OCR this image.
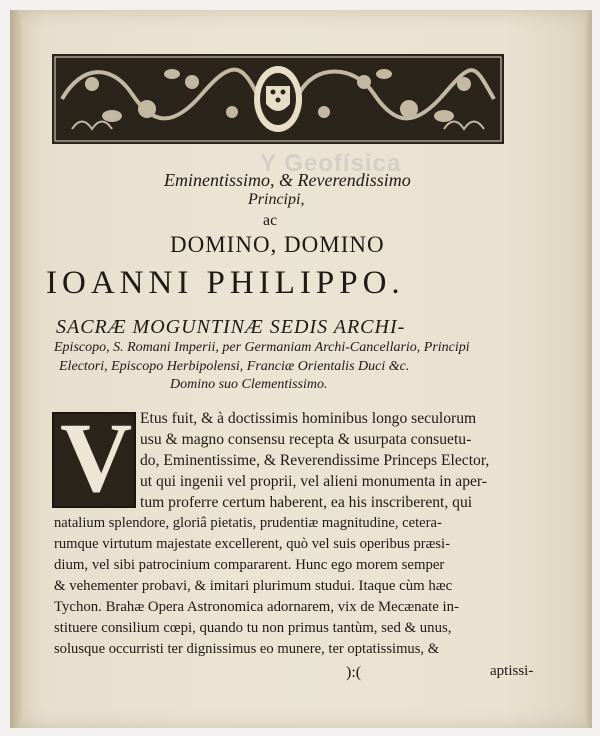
Y Geofísica
Eminentissimo, & Reverendissimo
Principi,
ac
DOMINO, DOMINO
IOANNI PHILIPPO.
SACRÆ MOGUNTINÆ SEDIS ARCHI-
Episcopo, S. Romani Imperii, per Germaniam Archi-Cancellario, Principi
Electori, Episcopo Herbipolensi, Franciæ Orientalis Duci &c.
Domino suo Clementissimo.
V Etus fuit, & à doctissimis hominibus longo seculorum
usu & magno consensu recepta & usurpata consuetu-
do, Eminentissime, & Reverendissime Princeps Elector,
ut qui ingenii vel proprii, vel alieni monumenta in aper-
tum proferre certum haberent, ea his inscriberent, qui
natalium splendore, gloriâ pietatis, prudentiæ magnitudine, cetera-
rumque virtutum majestate excellerent, quò vel suis operibus præsi-
dium, vel sibi patrocinium compararent. Hunc ego morem semper
& vehementer probavi, & imitari plurimum studui. Itaque cùm hæc
Tychon. Brahæ Opera Astronomica adornarem, vix de Mecænate in-
stituere consilium cœpi, quando tu non primus tantùm, sed & unus,
solusque occurristi ter dignissimus eo munere, ter optatissimus, &
):(	aptissi-
